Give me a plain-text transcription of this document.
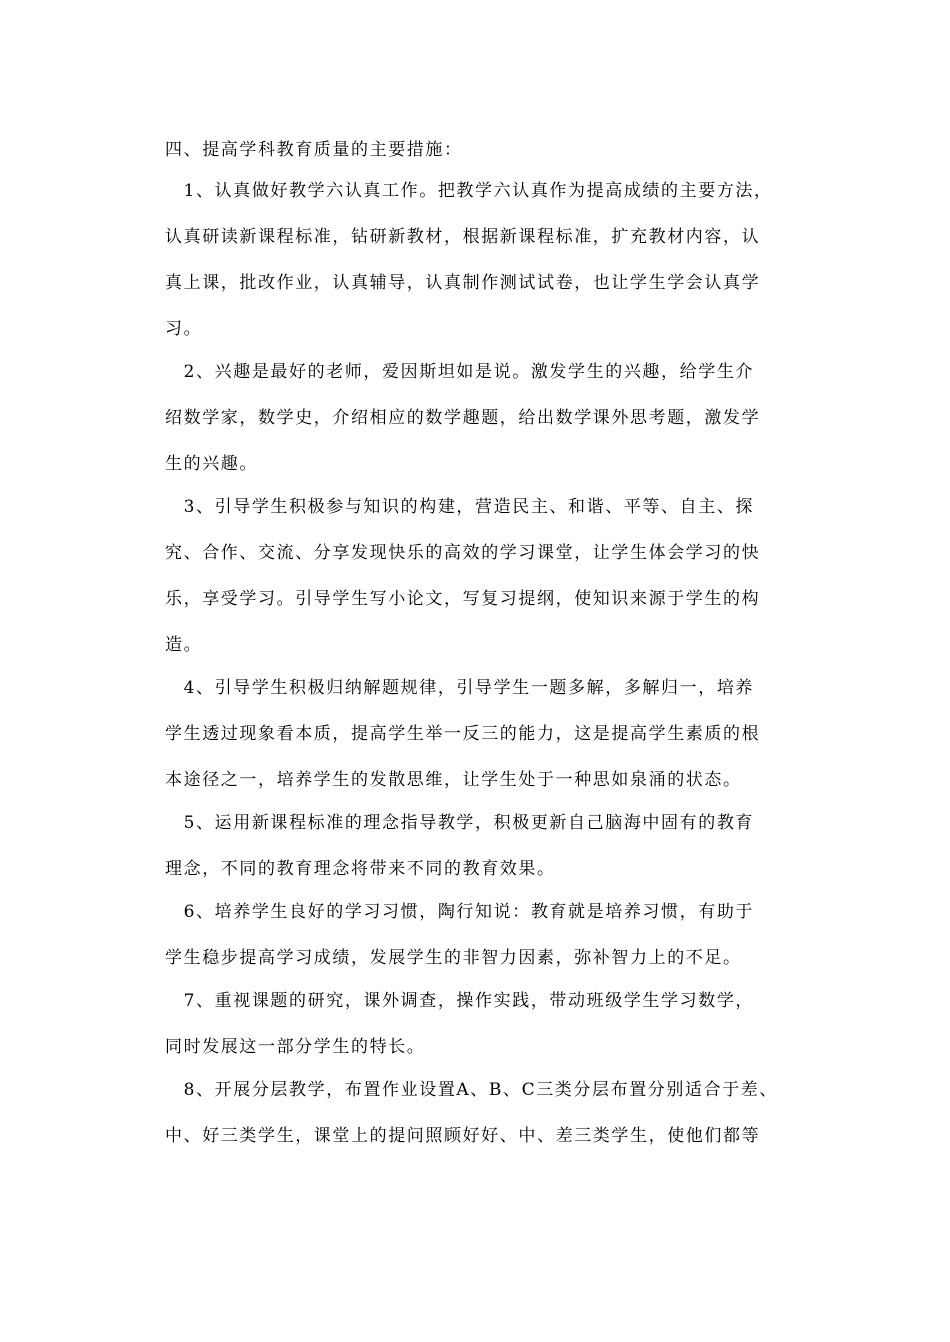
四、提高学科教育质量的主要措施：
　1、认真做好教学六认真工作。把教学六认真作为提高成绩的主要方法，
认真研读新课程标准，钻研新教材，根据新课程标准，扩充教材内容，认
真上课，批改作业，认真辅导，认真制作测试试卷，也让学生学会认真学
习。
　2、兴趣是最好的老师，爱因斯坦如是说。激发学生的兴趣，给学生介
绍数学家，数学史，介绍相应的数学趣题，给出数学课外思考题，激发学
生的兴趣。
　3、引导学生积极参与知识的构建，营造民主、和谐、平等、自主、探
究、合作、交流、分享发现快乐的高效的学习课堂，让学生体会学习的快
乐，享受学习。引导学生写小论文，写复习提纲，使知识来源于学生的构
造。
　4、引导学生积极归纳解题规律，引导学生一题多解，多解归一，培养
学生透过现象看本质，提高学生举一反三的能力，这是提高学生素质的根
本途径之一，培养学生的发散思维，让学生处于一种思如泉涌的状态。
　5、运用新课程标准的理念指导教学，积极更新自己脑海中固有的教育
理念，不同的教育理念将带来不同的教育效果。
　6、培养学生良好的学习习惯，陶行知说：教育就是培养习惯，有助于
学生稳步提高学习成绩，发展学生的非智力因素，弥补智力上的不足。
　7、重视课题的研究，课外调查，操作实践，带动班级学生学习数学，
同时发展这一部分学生的特长。
　8、开展分层教学，布置作业设置A、B、C三类分层布置分别适合于差、
中、好三类学生，课堂上的提问照顾好好、中、差三类学生，使他们都等
